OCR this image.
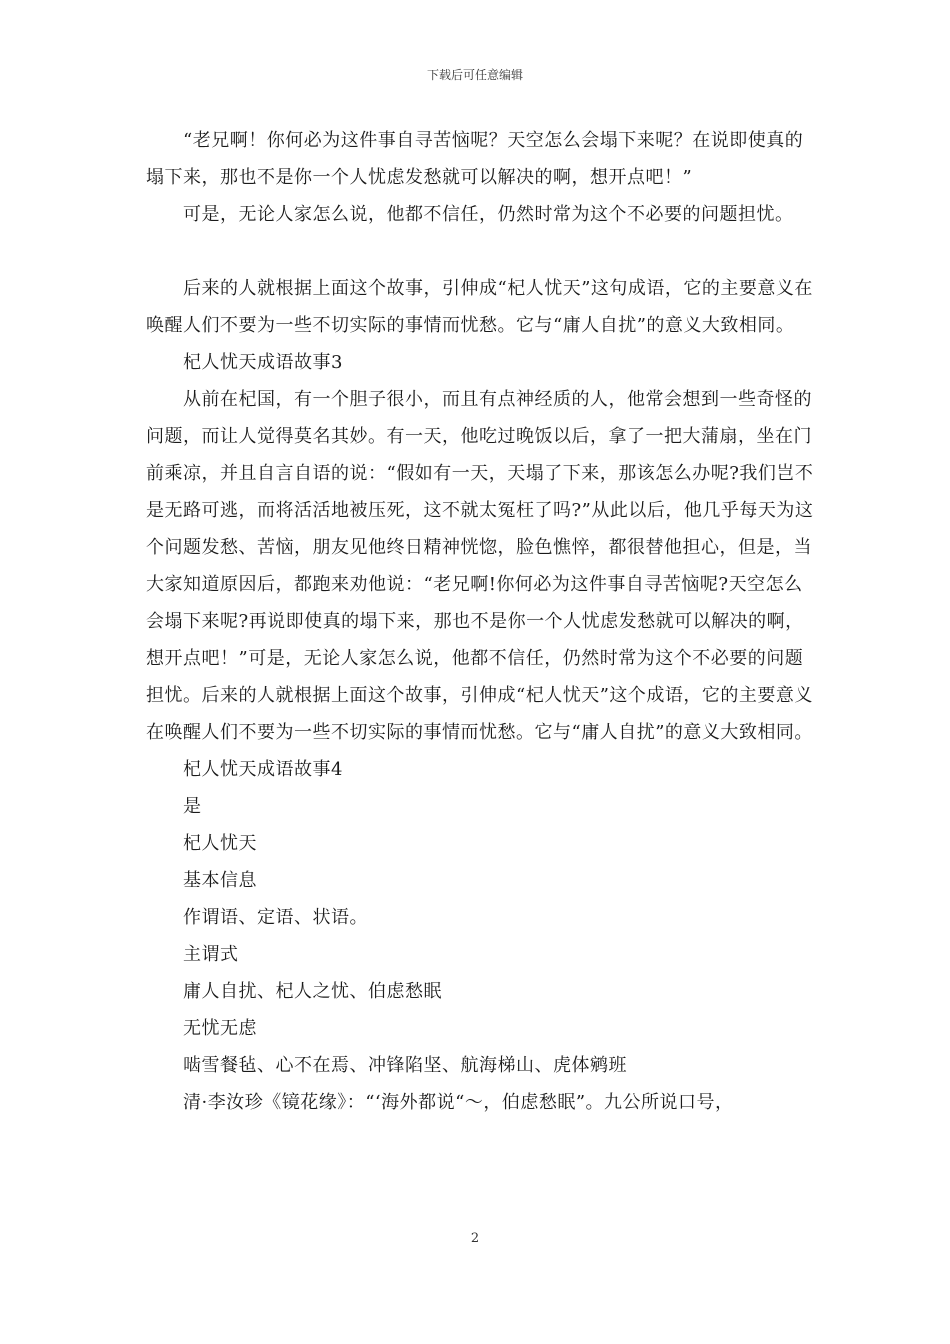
下载后可任意编辑

“老兄啊！你何必为这件事自寻苦恼呢？天空怎么会塌下来呢？在说即使真的塌下来，那也不是你一个人忧虑发愁就可以解决的啊，想开点吧！”

可是，无论人家怎么说，他都不信任，仍然时常为这个不必要的问题担忧。

后来的人就根据上面这个故事，引伸成“杞人忧天”这句成语，它的主要意义在唤醒人们不要为一些不切实际的事情而忧愁。它与“庸人自扰”的意义大致相同。

杞人忧天成语故事3

从前在杞国，有一个胆子很小，而且有点神经质的人，他常会想到一些奇怪的问题，而让人觉得莫名其妙。有一天，他吃过晚饭以后，拿了一把大蒲扇，坐在门前乘凉，并且自言自语的说：“假如有一天，天塌了下来，那该怎么办呢?我们岂不是无路可逃，而将活活地被压死，这不就太冤枉了吗?”从此以后，他几乎每天为这个问题发愁、苦恼，朋友见他终日精神恍惚，脸色憔悴，都很替他担心，但是，当大家知道原因后，都跑来劝他说：“老兄啊!你何必为这件事自寻苦恼呢?天空怎么会塌下来呢?再说即使真的塌下来，那也不是你一个人忧虑发愁就可以解决的啊，想开点吧！”可是，无论人家怎么说，他都不信任，仍然时常为这个不必要的问题担忧。后来的人就根据上面这个故事，引伸成“杞人忧天”这个成语，它的主要意义在唤醒人们不要为一些不切实际的事情而忧愁。它与“庸人自扰”的意义大致相同。

杞人忧天成语故事4

是

杞人忧天

基本信息

作谓语、定语、状语。

主谓式

庸人自扰、杞人之忧、伯虑愁眠

无忧无虑

啮雪餐毡、心不在焉、冲锋陷坚、航海梯山、虎体鹓班

清·李汝珍《镜花缘》：“‘海外都说“～，伯虑愁眠”。九公所说口号，

2
